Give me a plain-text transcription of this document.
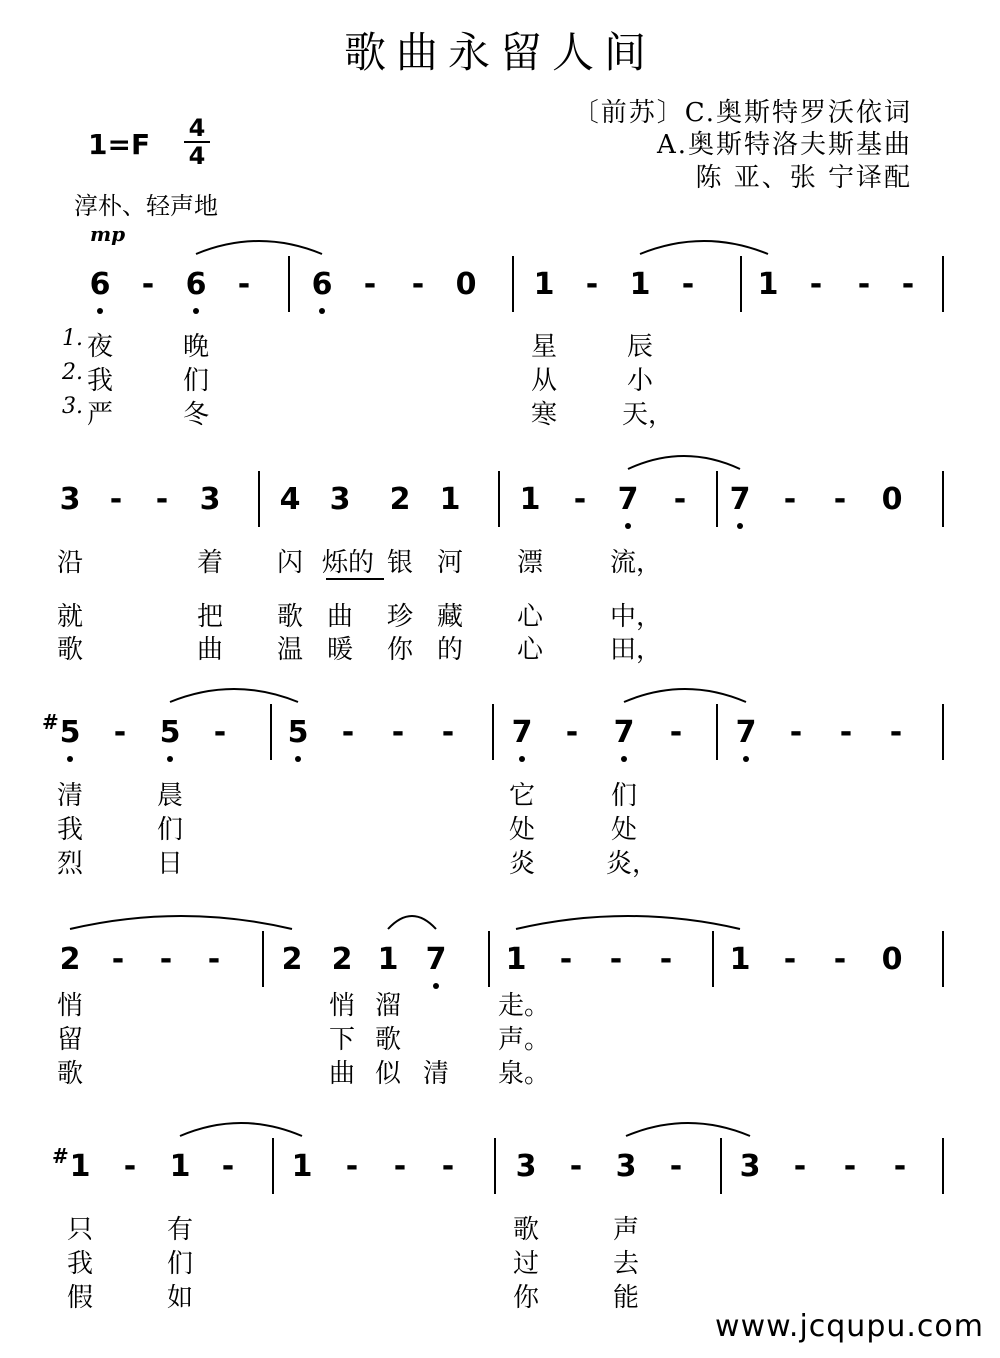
歌曲永留人间
〔前苏〕C.奥斯特罗沃依词
A.奥斯特洛夫斯基曲
陈 亚、张 宁译配
1=F 4
4
淳朴、轻声地
mp
6	-	6	-	6	-	-	0 1	-	1	-	1	-	-	-
1. 夜	晚	星	辰
2. 我	们	从	小
3. 严	冬	寒	天，
3 -	-	3 4 3 2 1 1	-	7	-	7	-	-	0
沿	着 闪 烁的 银 河 漂	流，
就	把 歌 曲 珍 藏 心	中，
歌	曲 温 暖 你 的 心	田，
5
#	-	5	-	5	-	-	-	7	-	7	-	7	-	-	-
清	晨	它	们
我	们	处	处
烈	日	炎	炎，
2	-	-	-	2 2 1 7 1	-	-	-	1	-	-	0
悄	悄 溜	走。
留	下 歌	声。
歌	曲 似 清 泉。
1
#	-	1	-	1	-	-	-	3	-	3	-	3	-	-	-
只	有	歌	声
我	们	过	去
假	如	你	能
www.jcqupu.com
